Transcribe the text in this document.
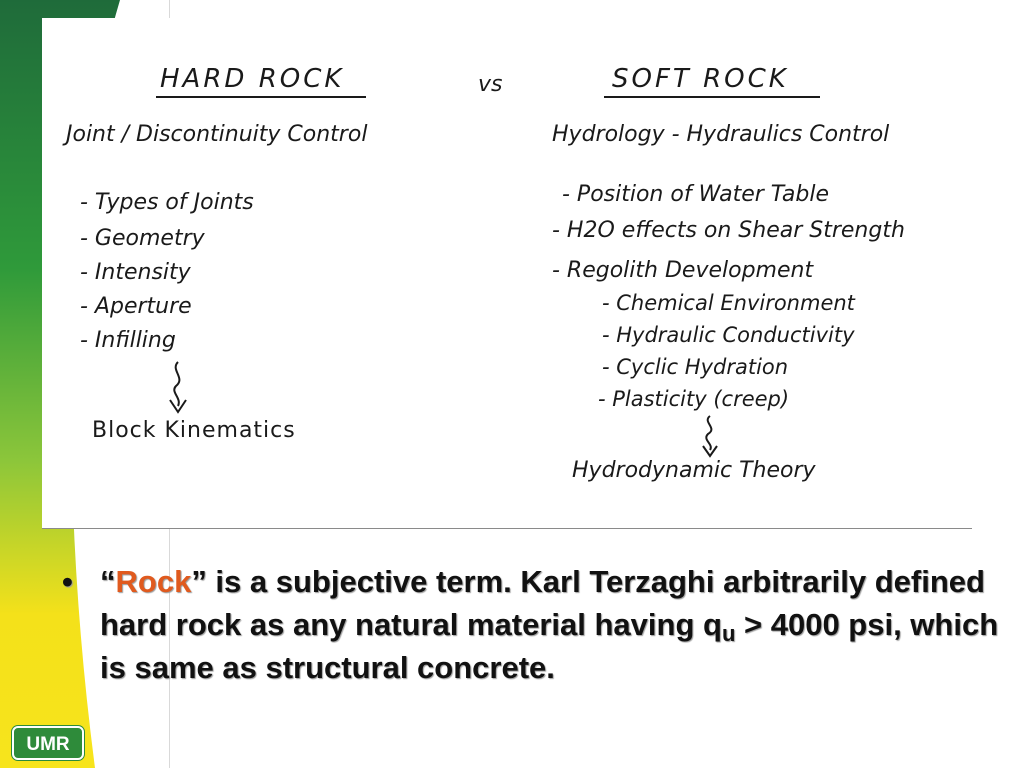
HARD ROCK	vs	SOFT ROCK

Joint / Discontinuity Control	Hydrology - Hydraulics Control

- Types of Joints

- Geometry

- Intensity

- Aperture

- Infilling

Block Kinematics

- Position of Water Table

- H2O effects on Shear Strength

- Regolith Development

- Chemical Environment

- Hydraulic Conductivity

- Cyclic Hydration

- Plasticity (creep)

Hydrodynamic Theory

• “Rock” is a subjective term. Karl Terzaghi arbitrarily defined hard rock as any natural material having $q_u > 4000$ psi, which is same as structural concrete.
UMR
